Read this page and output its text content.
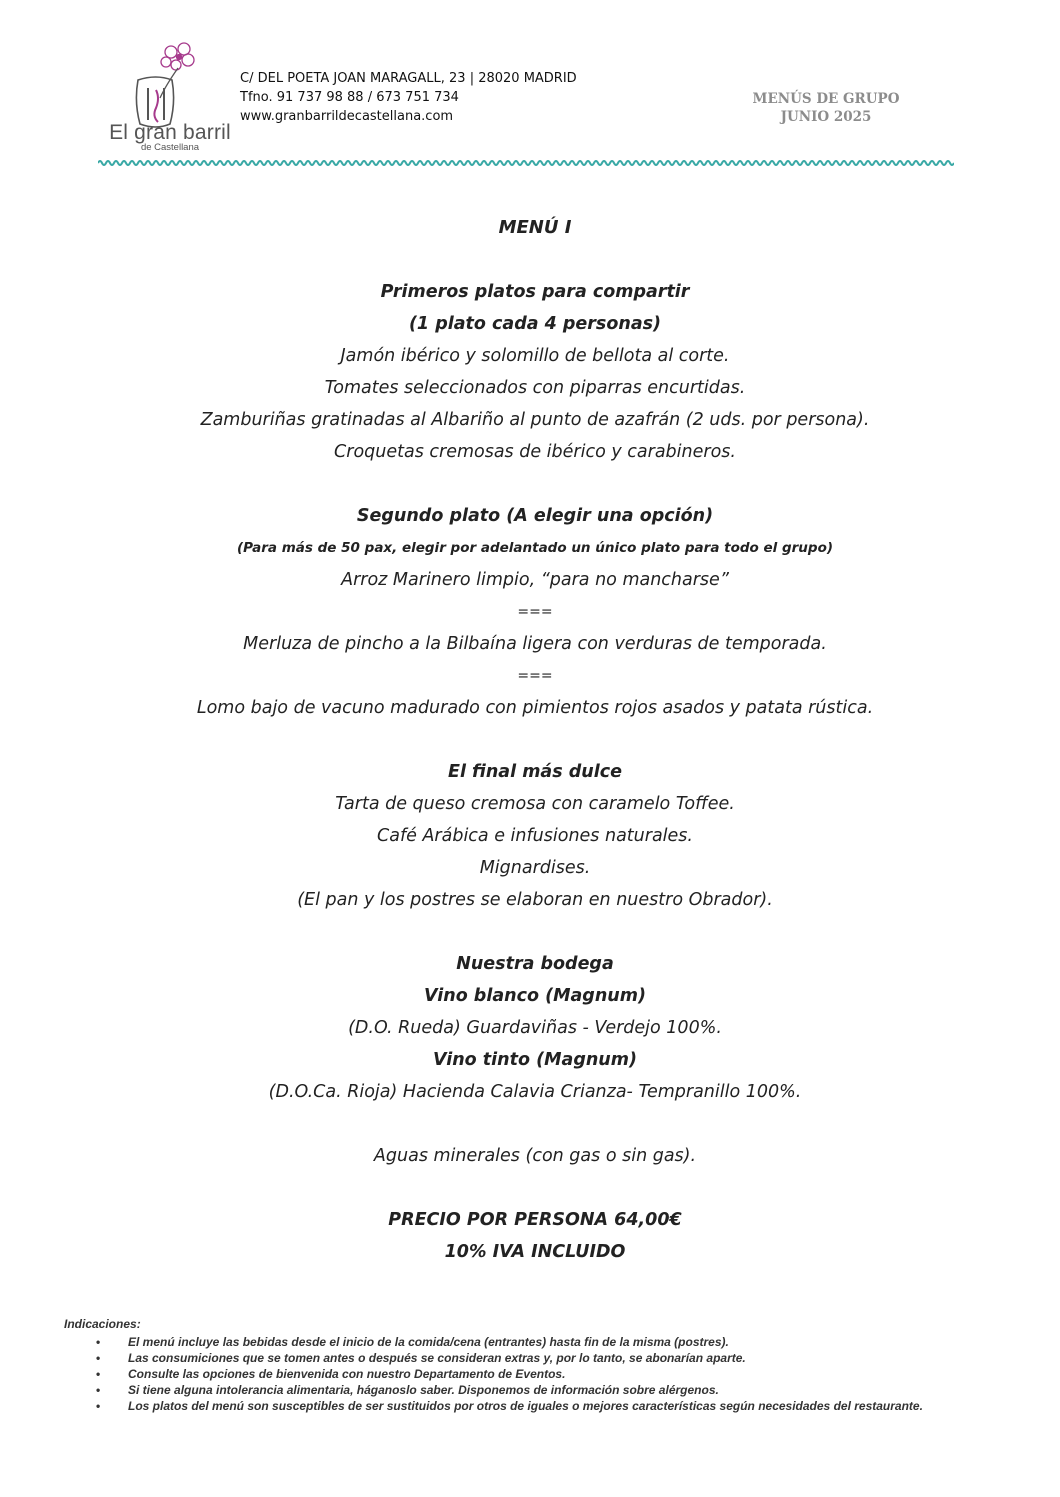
El gran barril
de Castellana
C/ DEL POETA JOAN MARAGALL, 23 | 28020 MADRID
Tfno. 91 737 98 88 / 673 751 734
www.granbarrildecastellana.com
MENÚS DE GRUPO
JUNIO 2025
MENÚ I
Primeros platos para compartir
(1 plato cada 4 personas)
Jamón ibérico y solomillo de bellota al corte.
Tomates seleccionados con piparras encurtidas.
Zamburiñas gratinadas al Albariño al punto de azafrán (2 uds. por persona).
Croquetas cremosas de ibérico y carabineros.
Segundo plato (A elegir una opción)
(Para más de 50 pax, elegir por adelantado un único plato para todo el grupo)
Arroz Marinero limpio, “para no mancharse”
===
Merluza de pincho a la Bilbaína ligera con verduras de temporada.
===
Lomo bajo de vacuno madurado con pimientos rojos asados y patata rústica.
El final más dulce
Tarta de queso cremosa con caramelo Toffee.
Café Arábica e infusiones naturales.
Mignardises.
(El pan y los postres se elaboran en nuestro Obrador).
Nuestra bodega
Vino blanco (Magnum)
(D.O. Rueda) Guardaviñas - Verdejo 100%.
Vino tinto (Magnum)
(D.O.Ca. Rioja) Hacienda Calavia Crianza- Tempranillo 100%.
Aguas minerales (con gas o sin gas).
PRECIO POR PERSONA 64,00€
10% IVA INCLUIDO
Indicaciones:
• El menú incluye las bebidas desde el inicio de la comida/cena (entrantes) hasta fin de la misma (postres).
• Las consumiciones que se tomen antes o después se consideran extras y, por lo tanto, se abonarían aparte.
• Consulte las opciones de bienvenida con nuestro Departamento de Eventos.
• Si tiene alguna intolerancia alimentaria, háganoslo saber. Disponemos de información sobre alérgenos.
• Los platos del menú son susceptibles de ser sustituidos por otros de iguales o mejores características según necesidades del restaurante.
